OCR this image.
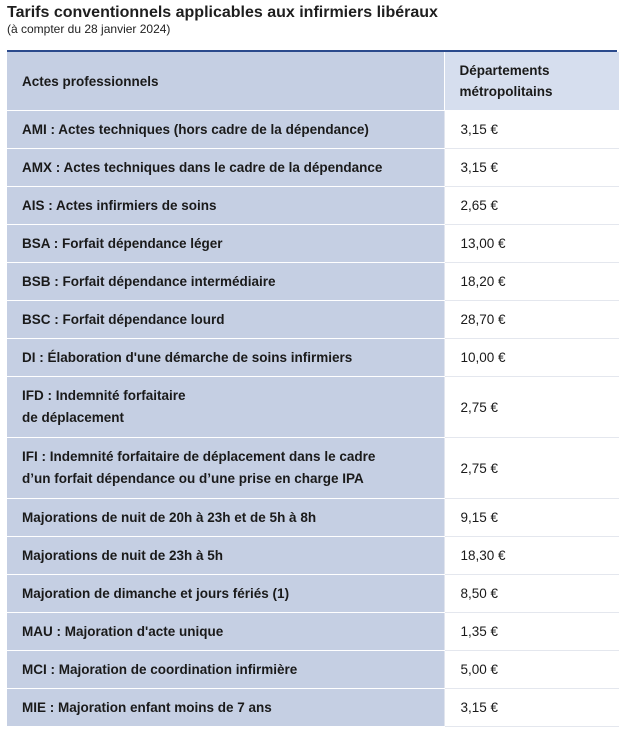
Tarifs conventionnels applicables aux infirmiers libéraux

(à compter du 28 janvier 2024)

Actes professionnels	Départements
métropolitains
AMI : Actes techniques (hors cadre de la dépendance)	3,15 €
AMX : Actes techniques dans le cadre de la dépendance	3,15 €
AIS : Actes infirmiers de soins	2,65 €
BSA : Forfait dépendance léger	13,00 €
BSB : Forfait dépendance intermédiaire	18,20 €
BSC : Forfait dépendance lourd	28,70 €
DI : Élaboration d'une démarche de soins infirmiers	10,00 €
IFD : Indemnité forfaitaire
de déplacement	2,75 €
IFI : Indemnité forfaitaire de déplacement dans le cadre
d’un forfait dépendance ou d’une prise en charge IPA	2,75 €
Majorations de nuit de 20h à 23h et de 5h à 8h	9,15 €
Majorations de nuit de 23h à 5h	18,30 €
Majoration de dimanche et jours fériés (1)	8,50 €
MAU : Majoration d'acte unique	1,35 €
MCI : Majoration de coordination infirmière	5,00 €
MIE : Majoration enfant moins de 7 ans	3,15 €
